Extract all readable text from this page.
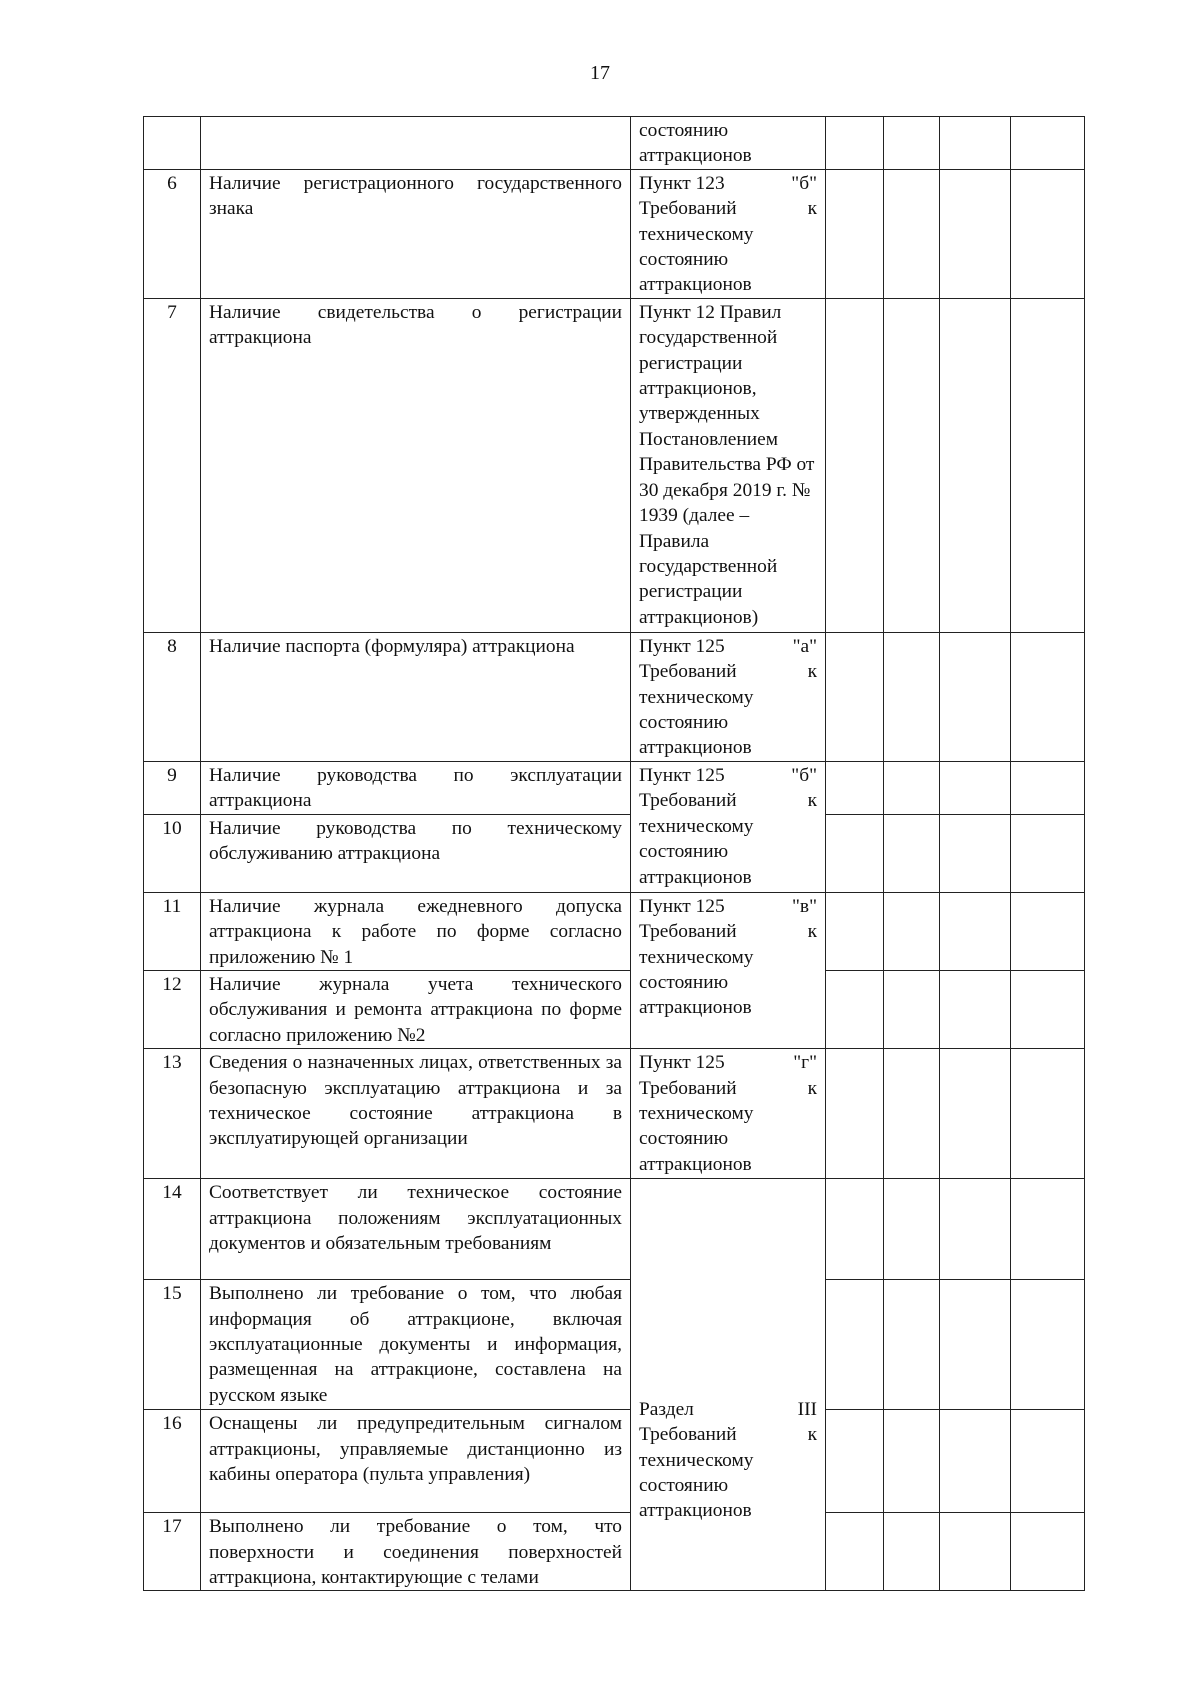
17
		состоянию аттракционов				
6	Наличие регистрационного государственного знака	Пункт 123 "б"
Требований к
техническому состоянию аттракционов				

7	Наличие свидетельства о регистрации аттракциона	Пункт 12 Правил государственной регистрации аттракционов, утвержденных Постановлением Правительства РФ от 30 декабря 2019 г. № 1939 (далее – Правила государственной регистрации аттракционов)				
8	Наличие паспорта (формуляра) аттракциона	Пункт 125 "а"
Требований к
техническому состоянию аттракционов				

9	Наличие руководства по эксплуатации аттракциона	Пункт 125 "б"
Требований к
техническому состоянию аттракционов				

10	Наличие руководства по техническому обслуживанию аттракциона					
11	Наличие журнала ежедневного допуска аттракциона к работе по форме согласно приложению № 1	Пункт 125 "в"
Требований к
техническому состоянию аттракционов				

12	Наличие журнала учета технического обслуживания и ремонта аттракциона по форме согласно приложению №2					
13	Сведения о назначенных лицах, ответственных за безопасную эксплуатацию аттракциона и за техническое состояние аттракциона в эксплуатирующей организации	Пункт 125 "г"
Требований к
техническому состоянию аттракционов				

14	Соответствует ли техническое состояние аттракциона положениям эксплуатационных документов и обязательным требованиям	Раздел III
Требований к
техническому состоянию аттракционов				

15	Выполнено ли требование о том, что любая информация об аттракционе, включая эксплуатационные документы и информация, размещенная на аттракционе, составлена на русском языке					
16	Оснащены ли предупредительным сигналом аттракционы, управляемые дистанционно из кабины оператора (пульта управления)					
17	Выполнено ли требование о том, что поверхности и соединения поверхностей аттракциона, контактирующие с телами					
